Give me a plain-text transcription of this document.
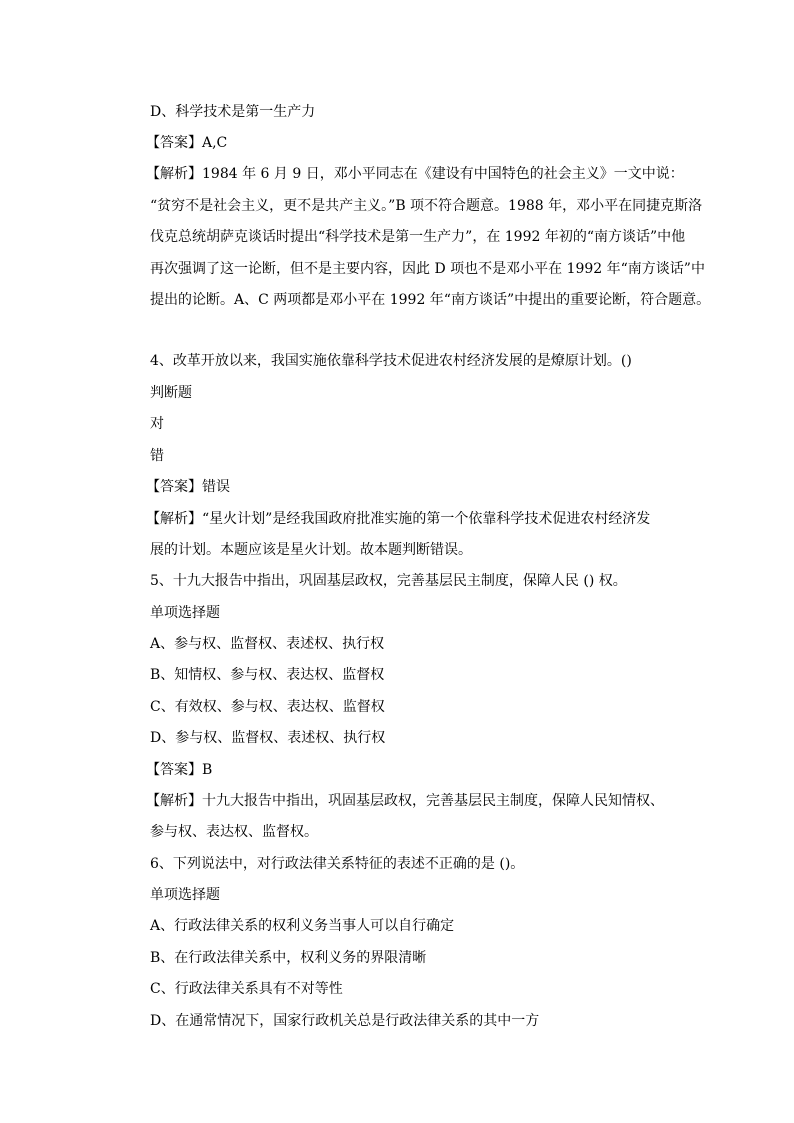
D、科学技术是第一生产力
【答案】A,C
【解析】1984 年 6 月 9 日，邓小平同志在《建设有中国特色的社会主义》一文中说：
“贫穷不是社会主义，更不是共产主义。”B 项不符合题意。1988 年，邓小平在同捷克斯洛
伐克总统胡萨克谈话时提出“科学技术是第一生产力”，在 1992 年初的“南方谈话”中他
再次强调了这一论断，但不是主要内容，因此 D 项也不是邓小平在 1992 年“南方谈话”中
提出的论断。A、C 两项都是邓小平在 1992 年“南方谈话”中提出的重要论断，符合题意。
4、改革开放以来，我国实施依靠科学技术促进农村经济发展的是燎原计划。()
判断题
对
错
【答案】错误
【解析】“星火计划”是经我国政府批准实施的第一个依靠科学技术促进农村经济发
展的计划。本题应该是星火计划。故本题判断错误。
5、十九大报告中指出，巩固基层政权，完善基层民主制度，保障人民 () 权。
单项选择题
A、参与权、监督权、表述权、执行权
B、知情权、参与权、表达权、监督权
C、有效权、参与权、表达权、监督权
D、参与权、监督权、表述权、执行权
【答案】B
【解析】十九大报告中指出，巩固基层政权，完善基层民主制度，保障人民知情权、
参与权、表达权、监督权。
6、下列说法中，对行政法律关系特征的表述不正确的是 ()。
单项选择题
A、行政法律关系的权利义务当事人可以自行确定
B、在行政法律关系中，权利义务的界限清晰
C、行政法律关系具有不对等性
D、在通常情况下，国家行政机关总是行政法律关系的其中一方
